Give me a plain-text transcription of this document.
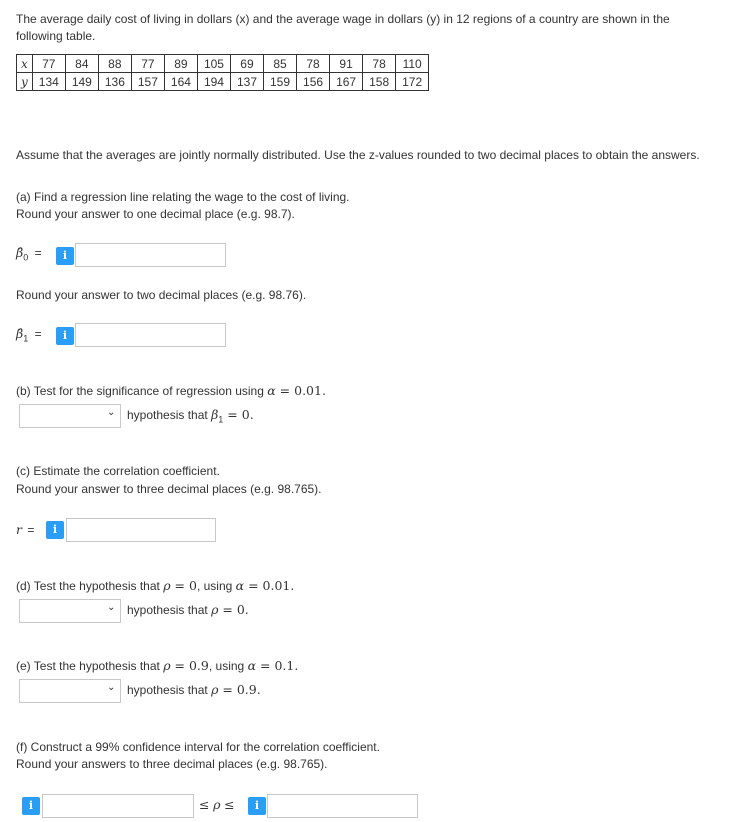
The average daily cost of living in dollars (x) and the average wage in dollars (y) in 12 regions of a country are shown in the
following table.
x	77	84	88	77	89	105	69	85	78	91	78	110
y	134	149	136	157	164	194	137	159	156	167	158	172
Assume that the averages are jointly normally distributed. Use the z-values rounded to two decimal places to obtain the answers.
(a) Find a regression line relating the wage to the cost of living.
Round your answer to one decimal place (e.g. 98.7).
$\betâ_0$ =	i
Round your answer to two decimal places (e.g. 98.76).
$\betâ_1$ =	i
(b) Test for the significance of regression using α = 0.01.
⌄ hypothesis that $\beta_1 = 0$.
(c) Estimate the correlation coefficient.
Round your answer to three decimal places (e.g. 98.765).
r =	i
(d) Test the hypothesis that ρ = 0, using α = 0.01.
⌄ hypothesis that ρ = 0.
(e) Test the hypothesis that ρ = 0.9, using α = 0.1.
⌄ hypothesis that ρ = 0.9.
(f) Construct a 99% confidence interval for the correlation coefficient.
Round your answers to three decimal places (e.g. 98.765).
i	≤ ρ ≤	i
